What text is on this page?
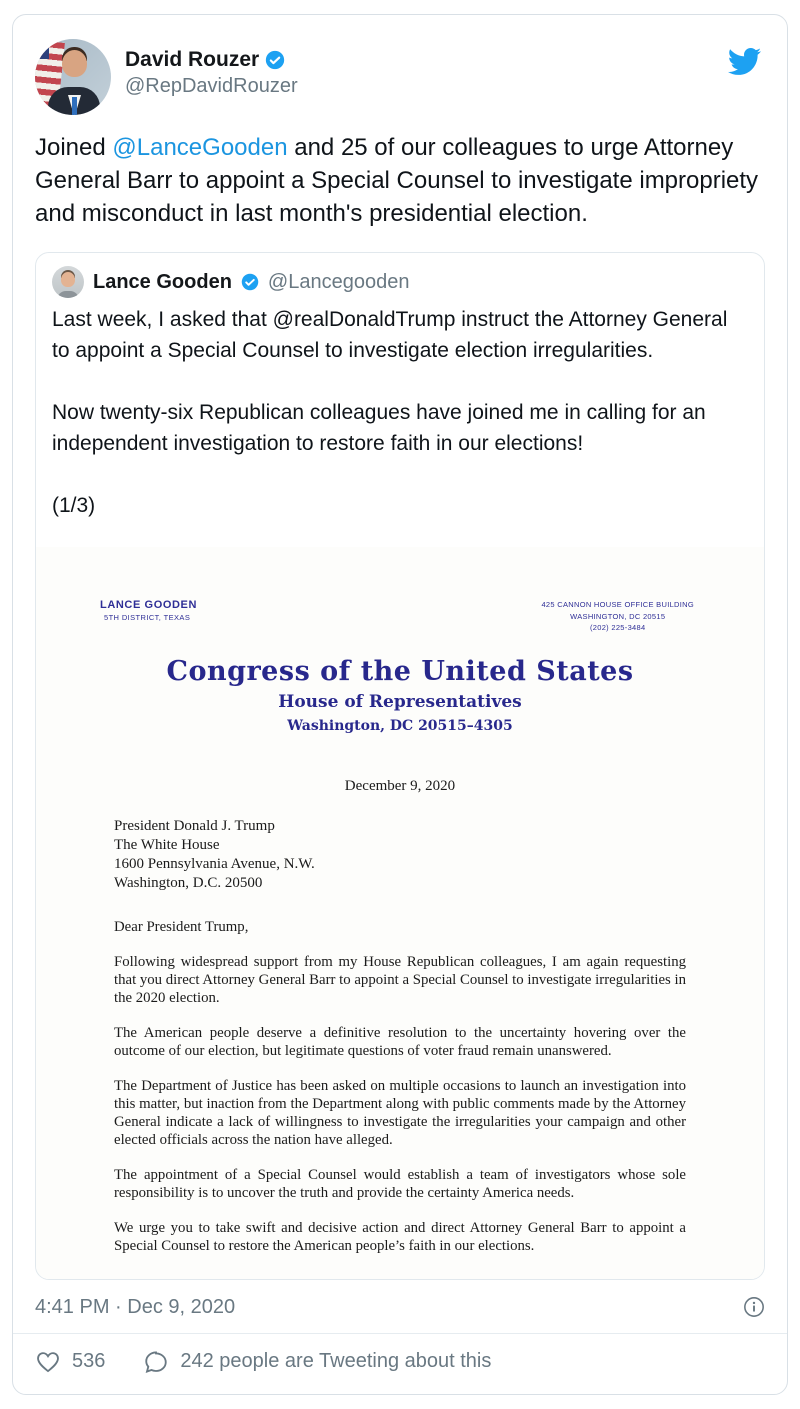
David Rouzer
@RepDavidRouzer
Joined @LanceGooden and 25 of our colleagues to urge Attorney General Barr to appoint a Special Counsel to investigate impropriety and misconduct in last month's presidential election.
Lance Gooden @Lancegooden

Last week, I asked that @realDonaldTrump instruct the Attorney General to appoint a Special Counsel to investigate election irregularities.

Now twenty-six Republican colleagues have joined me in calling for an independent investigation to restore faith in our elections!

(1/3)

LANCE GOODEN
5TH DISTRICT, TEXAS
425 CANNON HOUSE OFFICE BUILDING
WASHINGTON, DC 20515
(202) 225-3484
Congress of the United States
House of Representatives
Washington, DC 20515–4305
December 9, 2020
President Donald J. Trump
The White House
1600 Pennsylvania Avenue, N.W.
Washington, D.C. 20500
Dear President Trump,
Following widespread support from my House Republican colleagues, I am again requesting that you direct Attorney General Barr to appoint a Special Counsel to investigate irregularities in the 2020 election.
The American people deserve a definitive resolution to the uncertainty hovering over the outcome of our election, but legitimate questions of voter fraud remain unanswered.
The Department of Justice has been asked on multiple occasions to launch an investigation into this matter, but inaction from the Department along with public comments made by the Attorney General indicate a lack of willingness to investigate the irregularities your campaign and other elected officials across the nation have alleged.
The appointment of a Special Counsel would establish a team of investigators whose sole responsibility is to uncover the truth and provide the certainty America needs.
We urge you to take swift and decisive action and direct Attorney General Barr to appoint a Special Counsel to restore the American people’s faith in our elections.
4:41 PM · Dec 9, 2020
536	242 people are Tweeting about this
